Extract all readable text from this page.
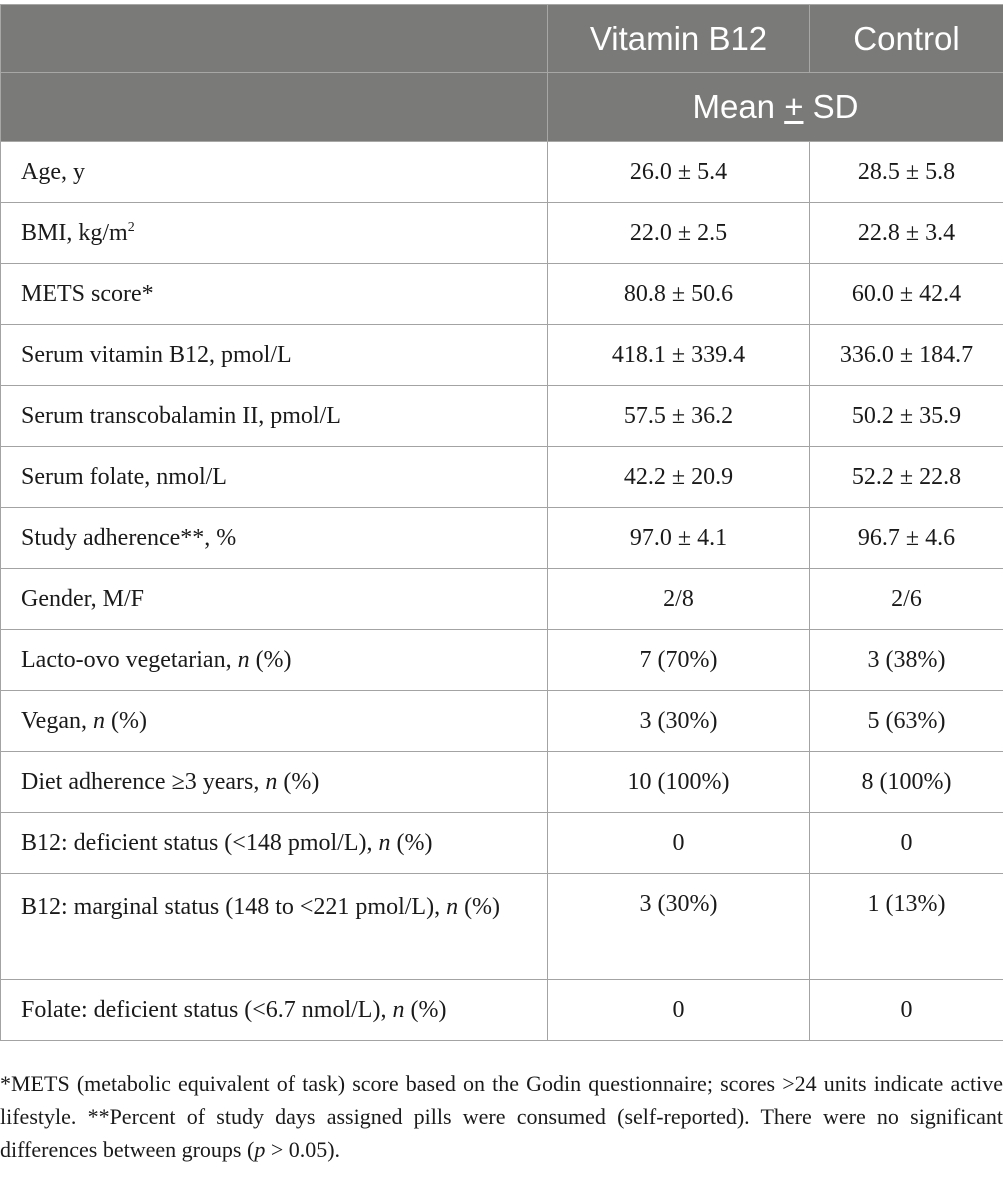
	Vitamin B12	Control
	Mean + SD	
Age, y	26.0 ± 5.4	28.5 ± 5.8
BMI, $kg/m^2$	22.0 ± 2.5	22.8 ± 3.4
METS score*	80.8 ± 50.6	60.0 ± 42.4
Serum vitamin B12, pmol/L	418.1 ± 339.4	336.0 ± 184.7
Serum transcobalamin II, pmol/L	57.5 ± 36.2	50.2 ± 35.9
Serum folate, nmol/L	42.2 ± 20.9	52.2 ± 22.8
Study adherence**, %	97.0 ± 4.1	96.7 ± 4.6
Gender, M/F	2/8	2/6
Lacto-ovo vegetarian, n (%)	7 (70%)	3 (38%)
Vegan, n (%)	3 (30%)	5 (63%)
Diet adherence ≥3 years, n (%)	10 (100%)	8 (100%)
B12: deficient status (<148 pmol/L), n (%)	0	0
B12: marginal status (148 to <221 pmol/L), n (%)	3 (30%)	1 (13%)
Folate: deficient status (<6.7 nmol/L), n (%)	0	0
*METS (metabolic equivalent of task) score based on the Godin questionnaire; scores >24 units indicate active lifestyle. **Percent of study days assigned pills were consumed (self-reported). There were no significant differences between groups (p > 0.05).
